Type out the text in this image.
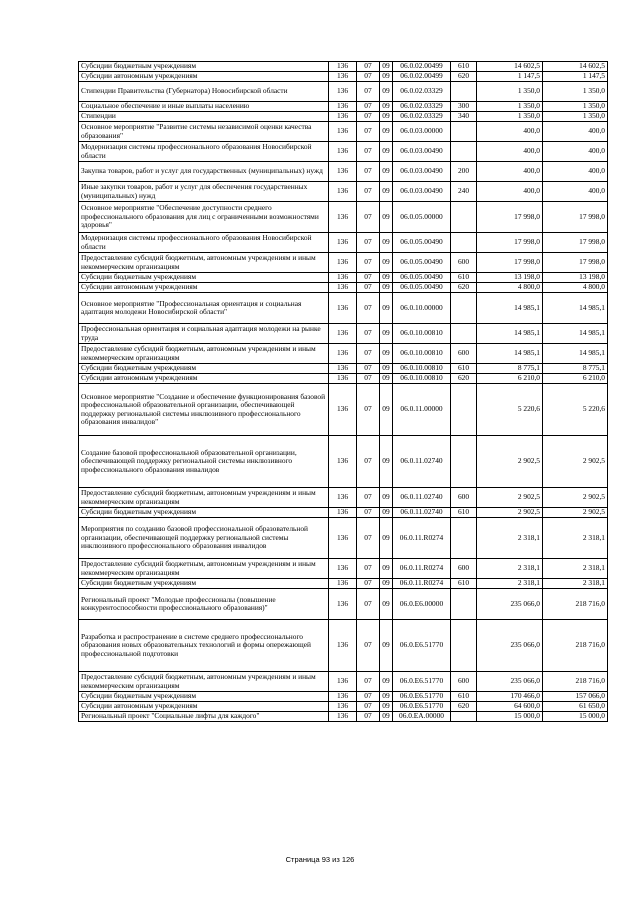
Субсидии бюджетным учреждениям	136	07	09	06.0.02.00499	610	14 602,5	14 602,5
Субсидии автономным учреждениям	136	07	09	06.0.02.00499	620	1 147,5	1 147,5
Стипендии Правительства (Губернатора) Новосибирской области	136	07	09	06.0.02.03329		1 350,0	1 350,0
Социальное обеспечение и иные выплаты населению	136	07	09	06.0.02.03329	300	1 350,0	1 350,0
Стипендии	136	07	09	06.0.02.03329	340	1 350,0	1 350,0
Основное мероприятие "Развитие системы независимой оценки качества образования"	136	07	09	06.0.03.00000		400,0	400,0
Модернизация системы профессионального образования Новосибирской области	136	07	09	06.0.03.00490		400,0	400,0
Закупка товаров, работ и услуг для государственных (муниципальных) нужд	136	07	09	06.0.03.00490	200	400,0	400,0
Иные закупки товаров, работ и услуг для обеспечения государственных (муниципальных) нужд	136	07	09	06.0.03.00490	240	400,0	400,0
Основное мероприятие "Обеспечение доступности среднего профессионального образования для лиц с ограниченными возможностями здоровья"	136	07	09	06.0.05.00000		17 998,0	17 998,0
Модернизация системы профессионального образования Новосибирской области	136	07	09	06.0.05.00490		17 998,0	17 998,0
Предоставление субсидий бюджетным, автономным учреждениям и иным некоммерческим организациям	136	07	09	06.0.05.00490	600	17 998,0	17 998,0
Субсидии бюджетным учреждениям	136	07	09	06.0.05.00490	610	13 198,0	13 198,0
Субсидии автономным учреждениям	136	07	09	06.0.05.00490	620	4 800,0	4 800,0
Основное мероприятие "Профессиональная ориентация и социальная адаптация молодежи Новосибирской области"	136	07	09	06.0.10.00000		14 985,1	14 985,1
Профессиональная ориентация и социальная адаптация молодежи на рынке труда	136	07	09	06.0.10.00810		14 985,1	14 985,1
Предоставление субсидий бюджетным, автономным учреждениям и иным некоммерческим организациям	136	07	09	06.0.10.00810	600	14 985,1	14 985,1
Субсидии бюджетным учреждениям	136	07	09	06.0.10.00810	610	8 775,1	8 775,1
Субсидии автономным учреждениям	136	07	09	06.0.10.00810	620	6 210,0	6 210,0
Основное мероприятие "Создание и обеспечение функционирования базовой профессиональной образовательной организации, обеспечивающей поддержку региональной системы инклюзивного профессионального образования инвалидов"	136	07	09	06.0.11.00000		5 220,6	5 220,6
Создание базовой профессиональной образовательной организации, обеспечивающей поддержку региональной системы инклюзивного профессионального образования инвалидов	136	07	09	06.0.11.02740		2 902,5	2 902,5
Предоставление субсидий бюджетным, автономным учреждениям и иным некоммерческим организациям	136	07	09	06.0.11.02740	600	2 902,5	2 902,5
Субсидии бюджетным учреждениям	136	07	09	06.0.11.02740	610	2 902,5	2 902,5
Мероприятия по созданию базовой профессиональной образовательной организации, обеспечивающей поддержку региональной системы инклюзивного профессионального образования инвалидов	136	07	09	06.0.11.R0274		2 318,1	2 318,1
Предоставление субсидий бюджетным, автономным учреждениям и иным некоммерческим организациям	136	07	09	06.0.11.R0274	600	2 318,1	2 318,1
Субсидии бюджетным учреждениям	136	07	09	06.0.11.R0274	610	2 318,1	2 318,1
Региональный проект "Молодые профессионалы (повышение конкурентоспособности профессионального образования)"	136	07	09	06.0.E6.00000		235 066,0	218 716,0
Разработка и распространение в системе среднего профессионального образования новых образовательных технологий и формы опережающей профессиональной подготовки	136	07	09	06.0.E6.51770		235 066,0	218 716,0
Предоставление субсидий бюджетным, автономным учреждениям и иным некоммерческим организациям	136	07	09	06.0.E6.51770	600	235 066,0	218 716,0
Субсидии бюджетным учреждениям	136	07	09	06.0.E6.51770	610	170 466,0	157 066,0
Субсидии автономным учреждениям	136	07	09	06.0.E6.51770	620	64 600,0	61 650,0
Региональный проект "Социальные лифты для каждого"	136	07	09	06.0.EA.00000		15 000,0	15 000,0
Страница 93 из 126
